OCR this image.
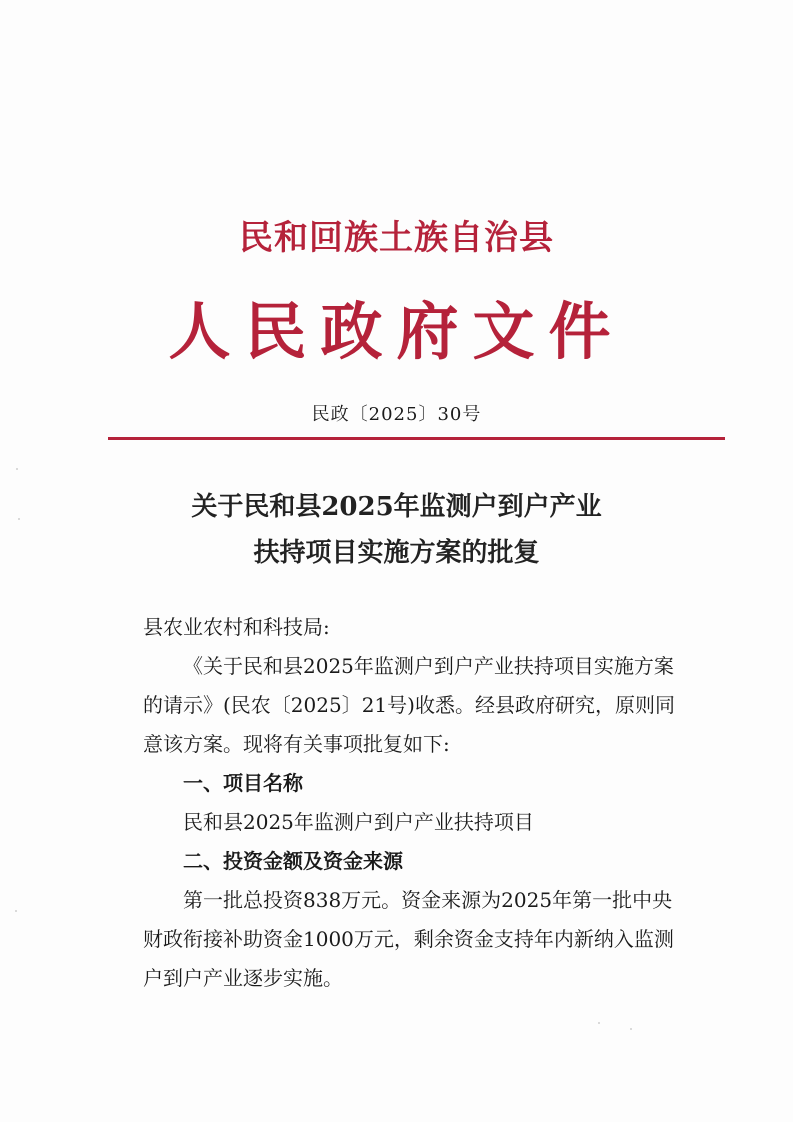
民和回族土族自治县
人民政府文件
民政〔2025〕30号
关于民和县2025年监测户到户产业
扶持项目实施方案的批复

县农业农村和科技局:

《关于民和县2025年监测户到户产业扶持项目实施方案的请示》(民农〔2025〕21号)收悉。经县政府研究，原则同意该方案。现将有关事项批复如下:

一、项目名称

民和县2025年监测户到户产业扶持项目

二、投资金额及资金来源

第一批总投资838万元。资金来源为2025年第一批中央财政衔接补助资金1000万元，剩余资金支持年内新纳入监测户到户产业逐步实施。
